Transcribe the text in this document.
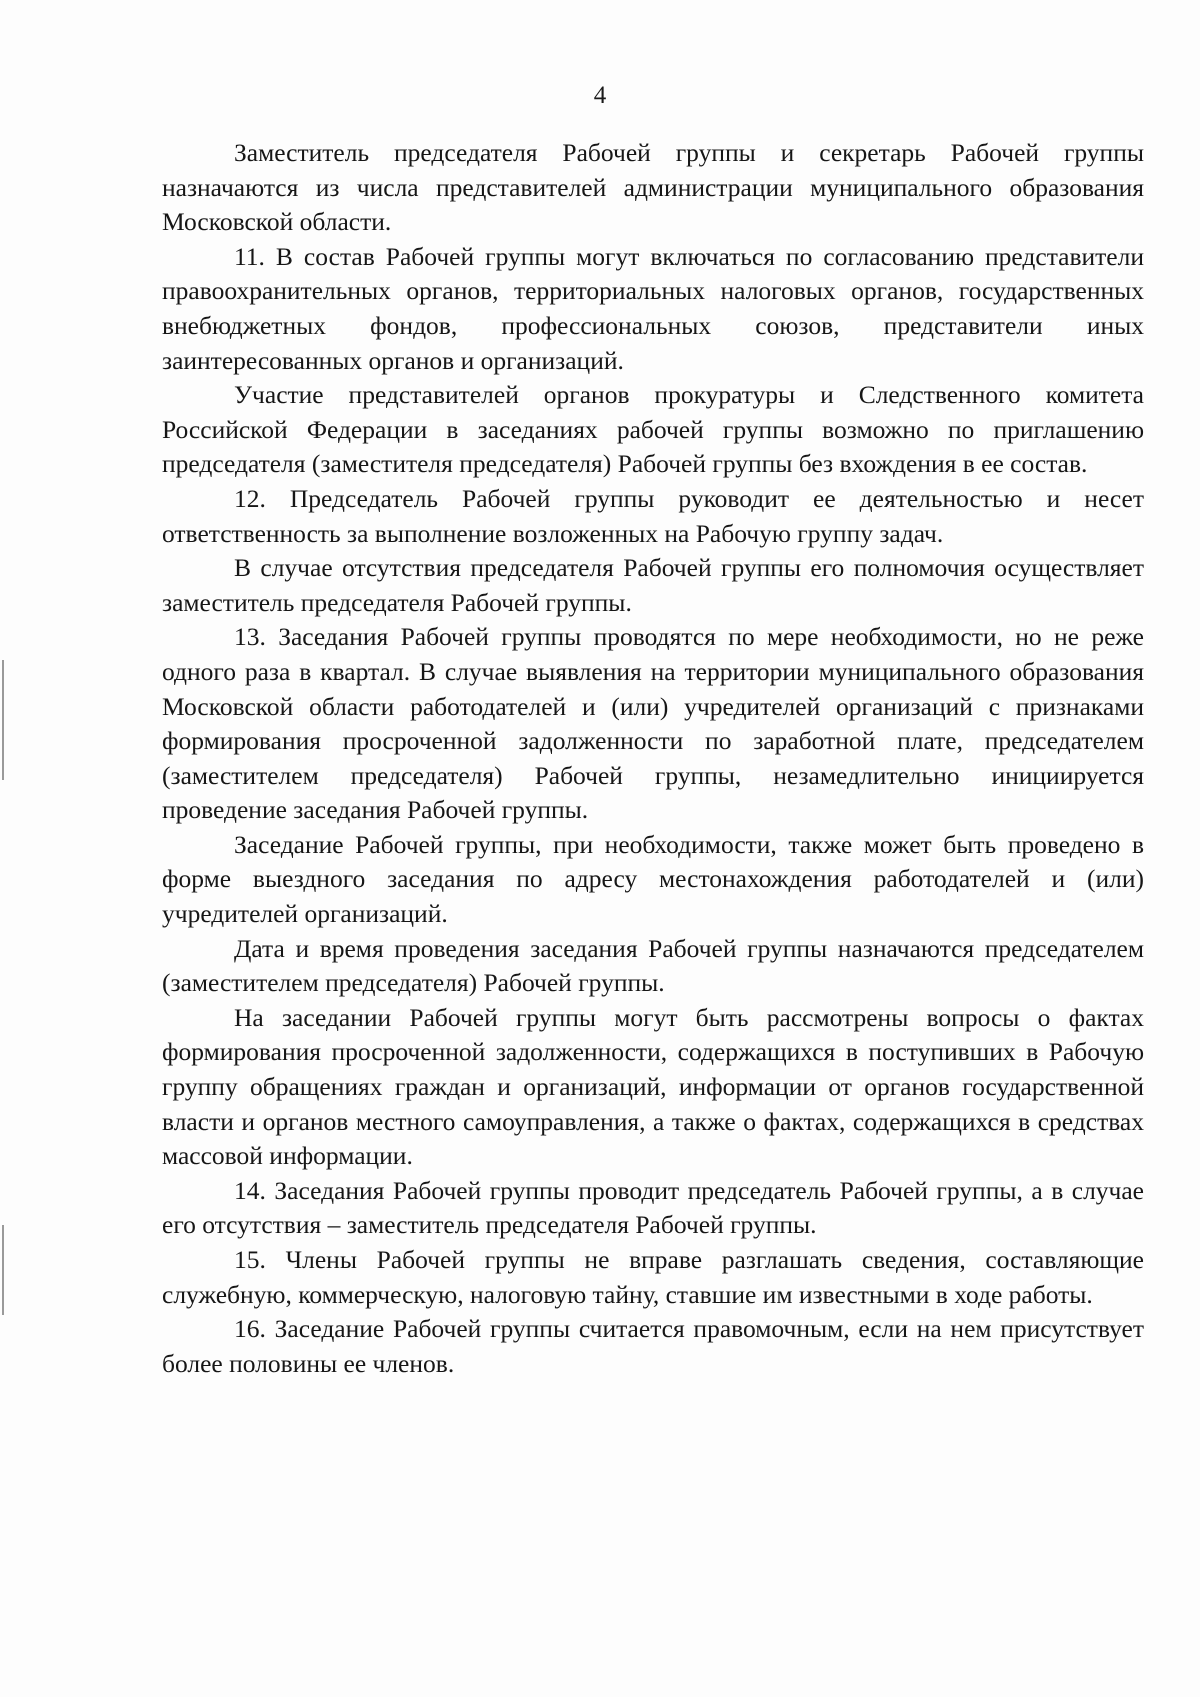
4

Заместитель председателя Рабочей группы и секретарь Рабочей группы назначаются из числа представителей администрации муниципального образования Московской области.

11. В состав Рабочей группы могут включаться по согласованию представители правоохранительных органов, территориальных налоговых органов, государственных внебюджетных фондов, профессиональных союзов, представители иных заинтересованных органов и организаций.

Участие представителей органов прокуратуры и Следственного комитета Российской Федерации в заседаниях рабочей группы возможно по приглашению председателя (заместителя председателя) Рабочей группы без вхождения в ее состав.

12. Председатель Рабочей группы руководит ее деятельностью и несет ответственность за выполнение возложенных на Рабочую группу задач.

В случае отсутствия председателя Рабочей группы его полномочия осуществляет заместитель председателя Рабочей группы.

13. Заседания Рабочей группы проводятся по мере необходимости, но не реже одного раза в квартал. В случае выявления на территории муниципального образования Московской области работодателей и (или) учредителей организаций с признаками формирования просроченной задолженности по заработной плате, председателем (заместителем председателя) Рабочей группы, незамедлительно инициируется проведение заседания Рабочей группы.

Заседание Рабочей группы, при необходимости, также может быть проведено в форме выездного заседания по адресу местонахождения работодателей и (или) учредителей организаций.

Дата и время проведения заседания Рабочей группы назначаются председателем (заместителем председателя) Рабочей группы.

На заседании Рабочей группы могут быть рассмотрены вопросы о фактах формирования просроченной задолженности, содержащихся в поступивших в Рабочую группу обращениях граждан и организаций, информации от органов государственной власти и органов местного самоуправления, а также о фактах, содержащихся в средствах массовой информации.

14. Заседания Рабочей группы проводит председатель Рабочей группы, а в случае его отсутствия – заместитель председателя Рабочей группы.

15. Члены Рабочей группы не вправе разглашать сведения, составляющие служебную, коммерческую, налоговую тайну, ставшие им известными в ходе работы.

16. Заседание Рабочей группы считается правомочным, если на нем присутствует более половины ее членов.
